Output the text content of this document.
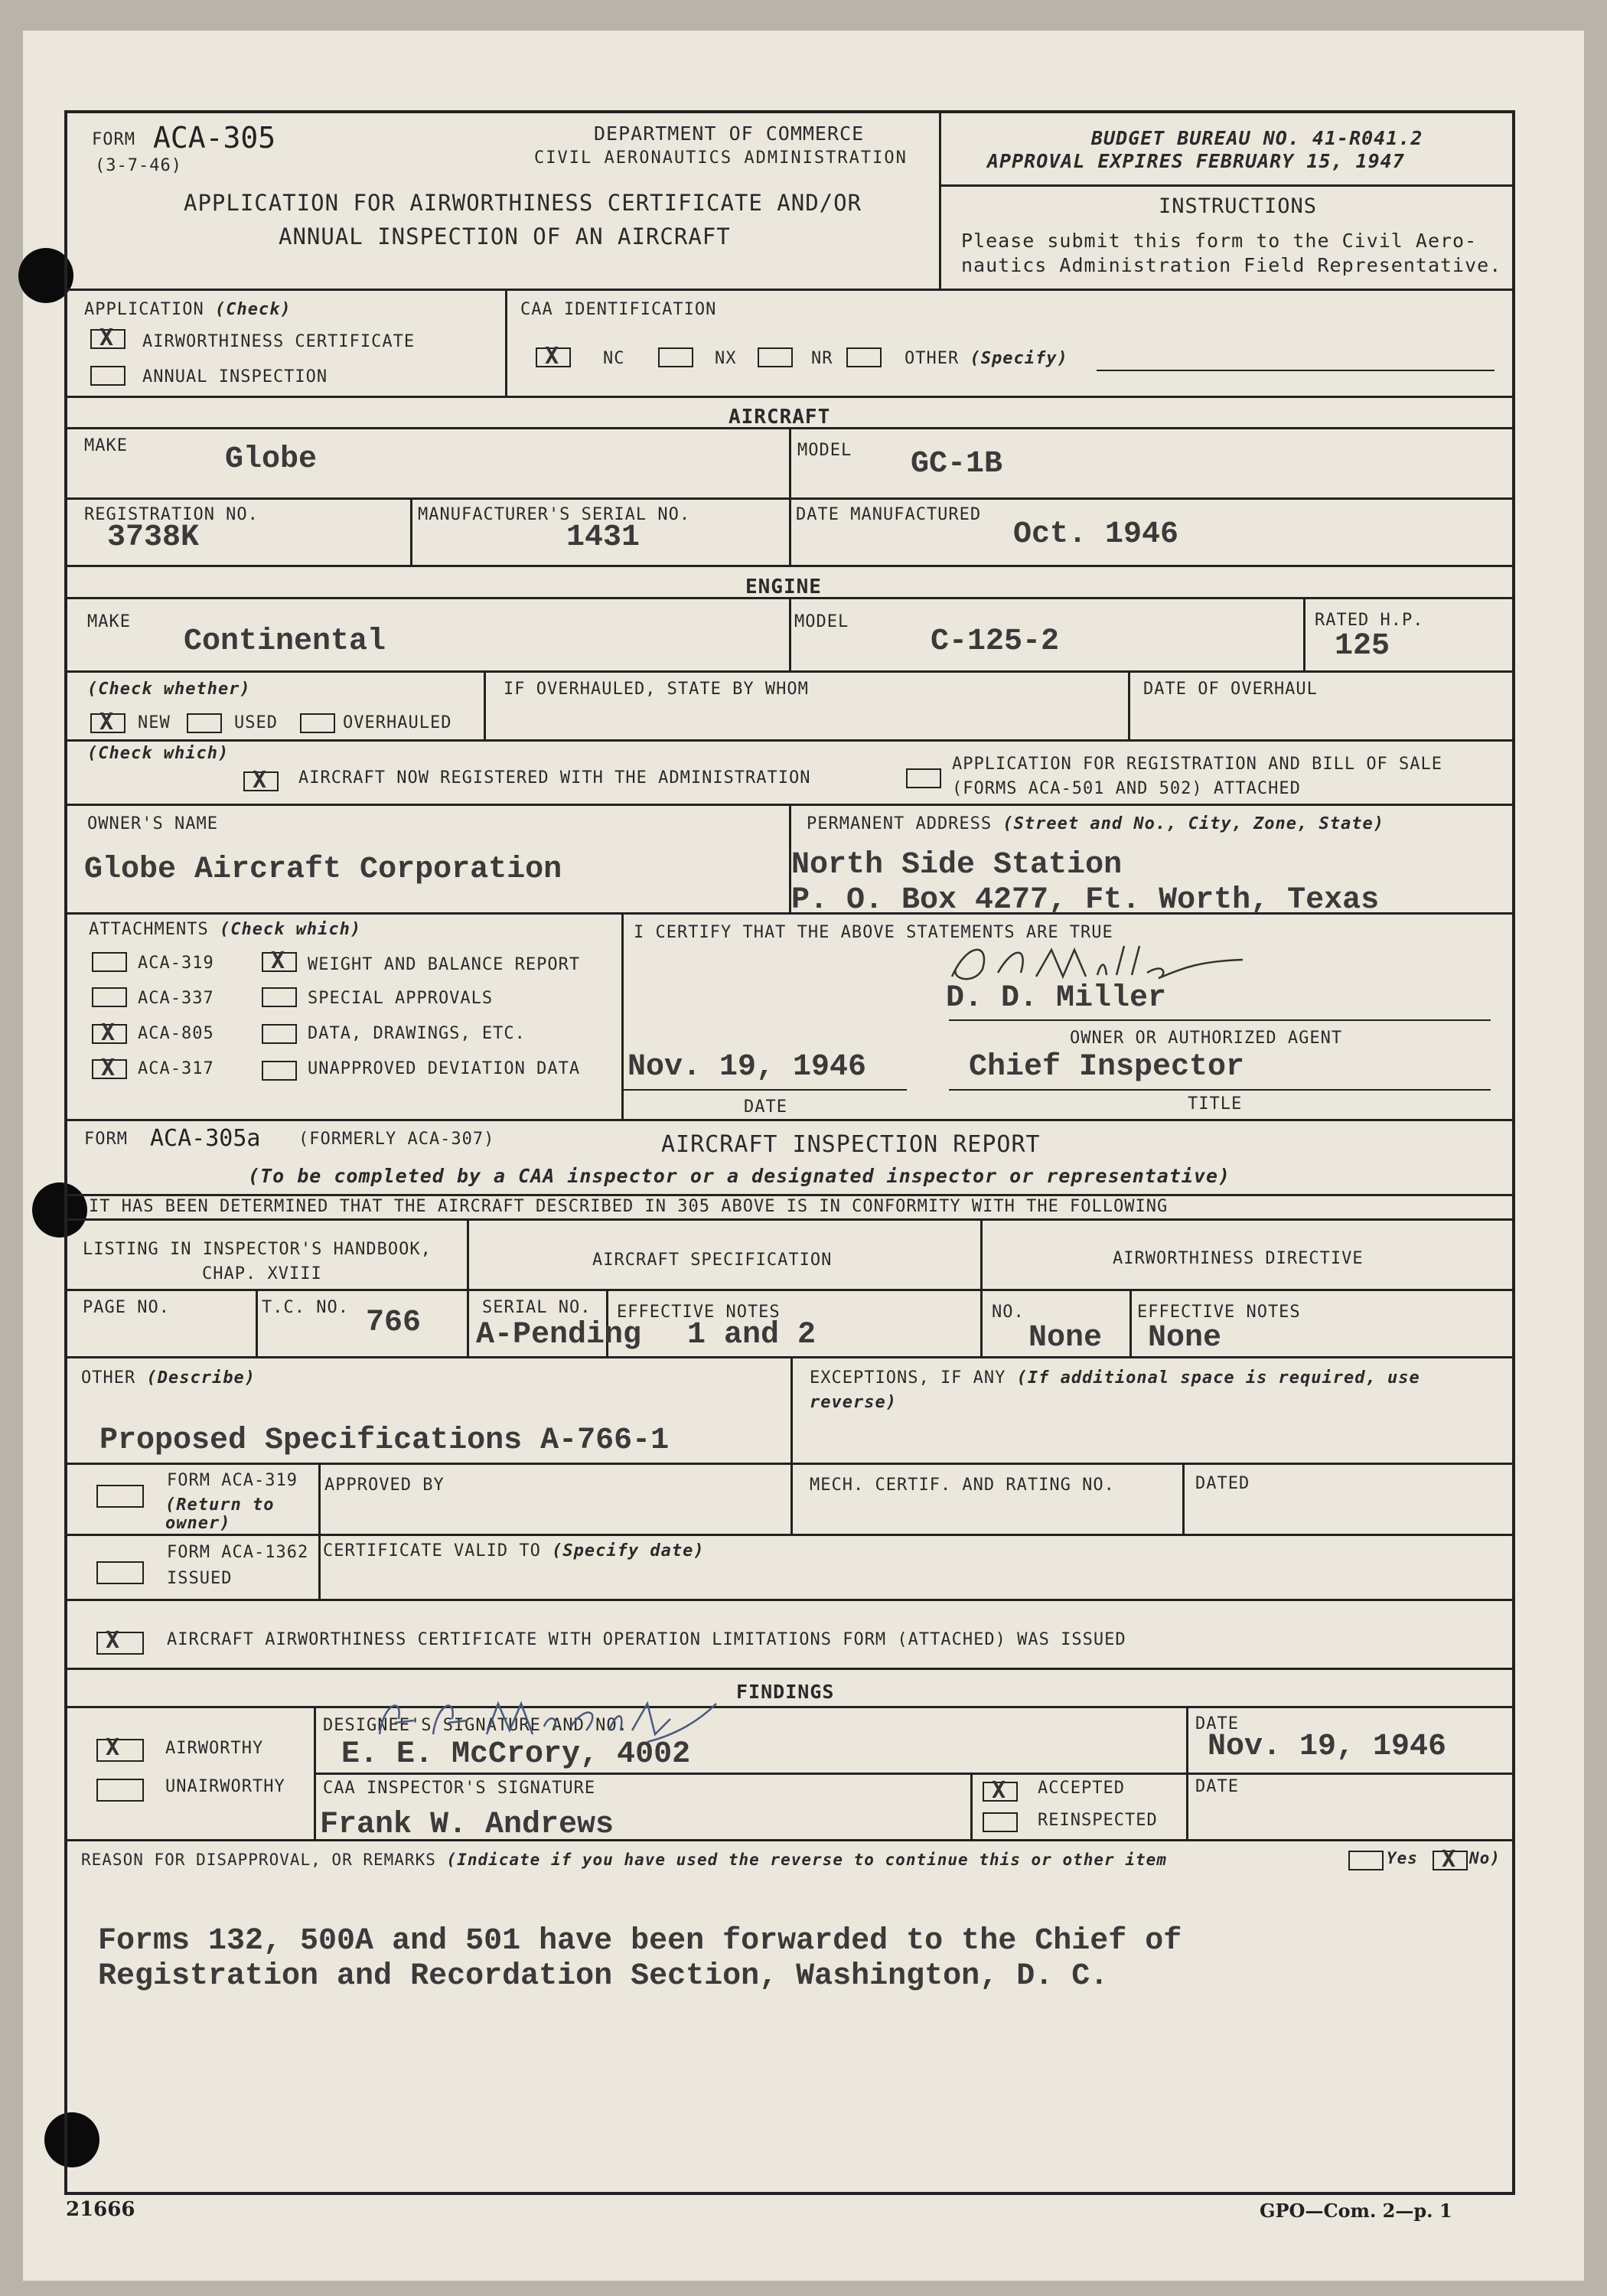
FORM ACA-305
(3-7-46)
DEPARTMENT OF COMMERCE
CIVIL AERONAUTICS ADMINISTRATION
APPLICATION FOR AIRWORTHINESS CERTIFICATE AND/OR
ANNUAL INSPECTION OF AN AIRCRAFT
BUDGET BUREAU NO. 41-R041.2
APPROVAL EXPIRES FEBRUARY 15, 1947
INSTRUCTIONS
Please submit this form to the Civil Aero-
nautics Administration Field Representative.
APPLICATION (Check)
X
AIRWORTHINESS CERTIFICATE
ANNUAL INSPECTION
CAA IDENTIFICATION
X
NC	NX	NR	OTHER (Specify)
AIRCRAFT
MAKE	Globe	MODEL GC-1B
REGISTRATION NO.
3738K
MANUFACTURER'S SERIAL NO.
1431
DATE MANUFACTURED
Oct. 1946
ENGINE
MAKE
Continental
MODEL
C-125-2
RATED H.P.
125
(Check whether)
X
NEW	USED	OVERHAULED
IF OVERHAULED, STATE BY WHOM	DATE OF OVERHAUL
(Check which)
X
AIRCRAFT NOW REGISTERED WITH THE ADMINISTRATION
APPLICATION FOR REGISTRATION AND BILL OF SALE
(FORMS ACA-501 AND 502) ATTACHED
OWNER'S NAME
Globe Aircraft Corporation
PERMANENT ADDRESS (Street and No., City, Zone, State)
North Side Station
P. O. Box 4277, Ft. Worth, Texas
ATTACHMENTS (Check which)
ACA-319
ACA-337
X
ACA-805
X
ACA-317
X
WEIGHT AND BALANCE REPORT
SPECIAL APPROVALS
DATA, DRAWINGS, ETC.
UNAPPROVED DEVIATION DATA
I CERTIFY THAT THE ABOVE STATEMENTS ARE TRUE
D. D. Miller
OWNER OR AUTHORIZED AGENT
Nov. 19, 1946
DATE
Chief Inspector
TITLE
FORM ACA-305a (FORMERLY ACA-307)	AIRCRAFT INSPECTION REPORT
(To be completed by a CAA inspector or a designated inspector or representative)
IT HAS BEEN DETERMINED THAT THE AIRCRAFT DESCRIBED IN 305 ABOVE IS IN CONFORMITY WITH THE FOLLOWING
LISTING IN INSPECTOR'S HANDBOOK,
CHAP. XVIII
AIRCRAFT SPECIFICATION	AIRWORTHINESS DIRECTIVE
PAGE NO.	T.C. NO. 766	SERIAL NO.
A-Pending
EFFECTIVE NOTES
1 and 2
NO.
None
EFFECTIVE NOTES
None
OTHER (Describe)
Proposed Specifications A-766-1
EXCEPTIONS, IF ANY (If additional space is required, use
reverse)
FORM ACA-319
(Return to
owner)
APPROVED BY	MECH. CERTIF. AND RATING NO.	DATED
FORM ACA-1362
ISSUED
CERTIFICATE VALID TO (Specify date)
X
AIRCRAFT AIRWORTHINESS CERTIFICATE WITH OPERATION LIMITATIONS FORM (ATTACHED) WAS ISSUED
FINDINGS
X
AIRWORTHY
UNAIRWORTHY
DESIGNEE'S SIGNATURE AND NO.
E. E. McCrory, 4002
DATE
Nov. 19, 1946
CAA INSPECTOR'S SIGNATURE
Frank W. Andrews
X
ACCEPTED
REINSPECTED
DATE
REASON FOR DISAPPROVAL, OR REMARKS (Indicate if you have used the reverse to continue this or other item	Yes
X	No)
Forms 132, 500A and 501 have been forwarded to the Chief of
Registration and Recordation Section, Washington, D. C.
21666	GPO—Com. 2—p. 1
